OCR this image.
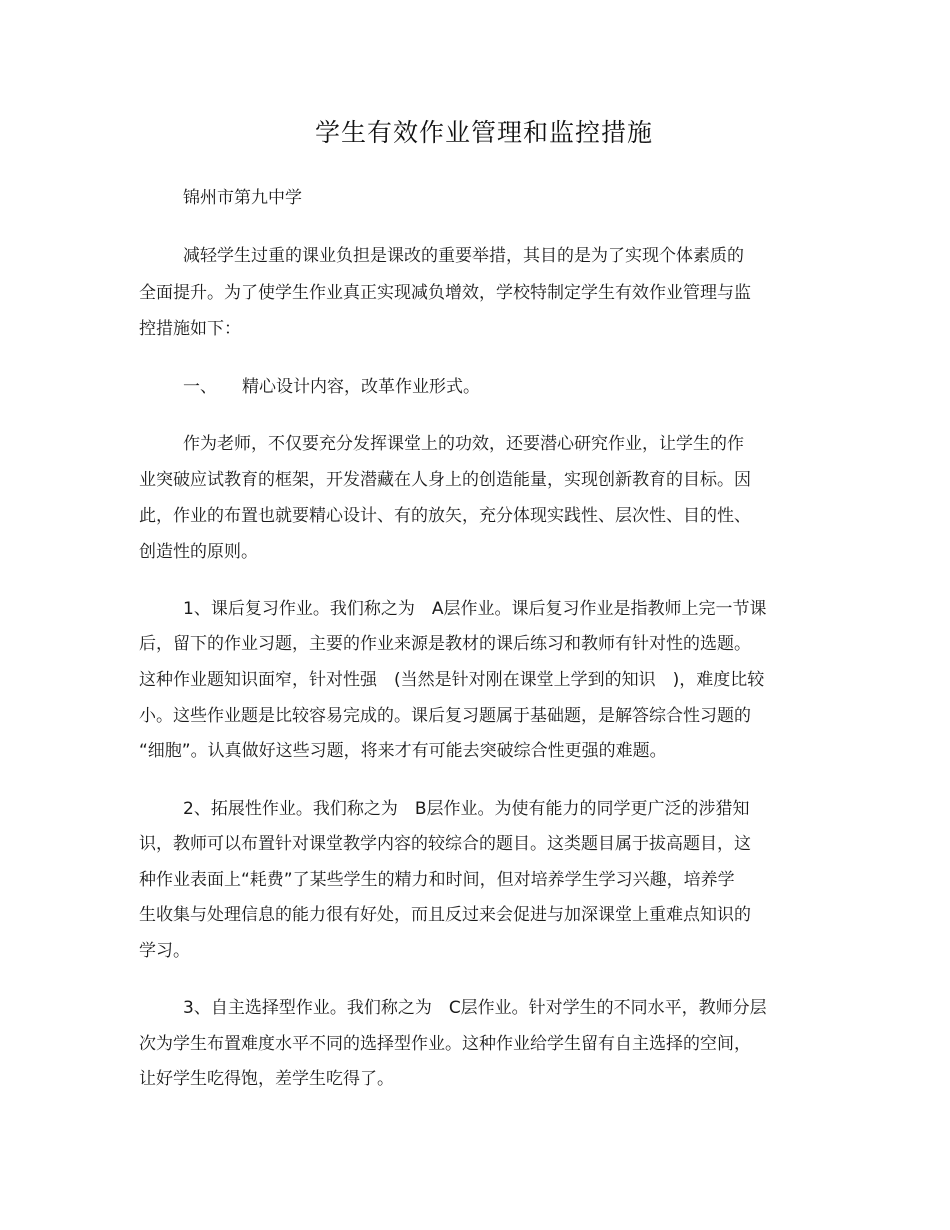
学生有效作业管理和监控措施
锦州市第九中学
减轻学生过重的课业负担是课改的重要举措，其目的是为了实现个体素质的
全面提升。为了使学生作业真正实现减负增效，学校特制定学生有效作业管理与监
控措施如下：
一、 精心设计内容，改革作业形式。
作为老师，不仅要充分发挥课堂上的功效，还要潜心研究作业，让学生的作
业突破应试教育的框架，开发潜藏在人身上的创造能量，实现创新教育的目标。因
此，作业的布置也就要精心设计、有的放矢，充分体现实践性、层次性、目的性、
创造性的原则。
1、课后复习作业。我们称之为　A层作业。课后复习作业是指教师上完一节课
后，留下的作业习题，主要的作业来源是教材的课后练习和教师有针对性的选题。
这种作业题知识面窄，针对性强　(当然是针对刚在课堂上学到的知识　)，难度比较
小。这些作业题是比较容易完成的。课后复习题属于基础题，是解答综合性习题的
“细胞”。认真做好这些习题，将来才有可能去突破综合性更强的难题。
2、拓展性作业。我们称之为　B层作业。为使有能力的同学更广泛的涉猎知
识，教师可以布置针对课堂教学内容的较综合的题目。这类题目属于拔高题目，这
种作业表面上“耗费”了某些学生的精力和时间，但对培养学生学习兴趣，培养学
生收集与处理信息的能力很有好处，而且反过来会促进与加深课堂上重难点知识的
学习。
3、自主选择型作业。我们称之为　C层作业。针对学生的不同水平，教师分层
次为学生布置难度水平不同的选择型作业。这种作业给学生留有自主选择的空间，
让好学生吃得饱，差学生吃得了。
